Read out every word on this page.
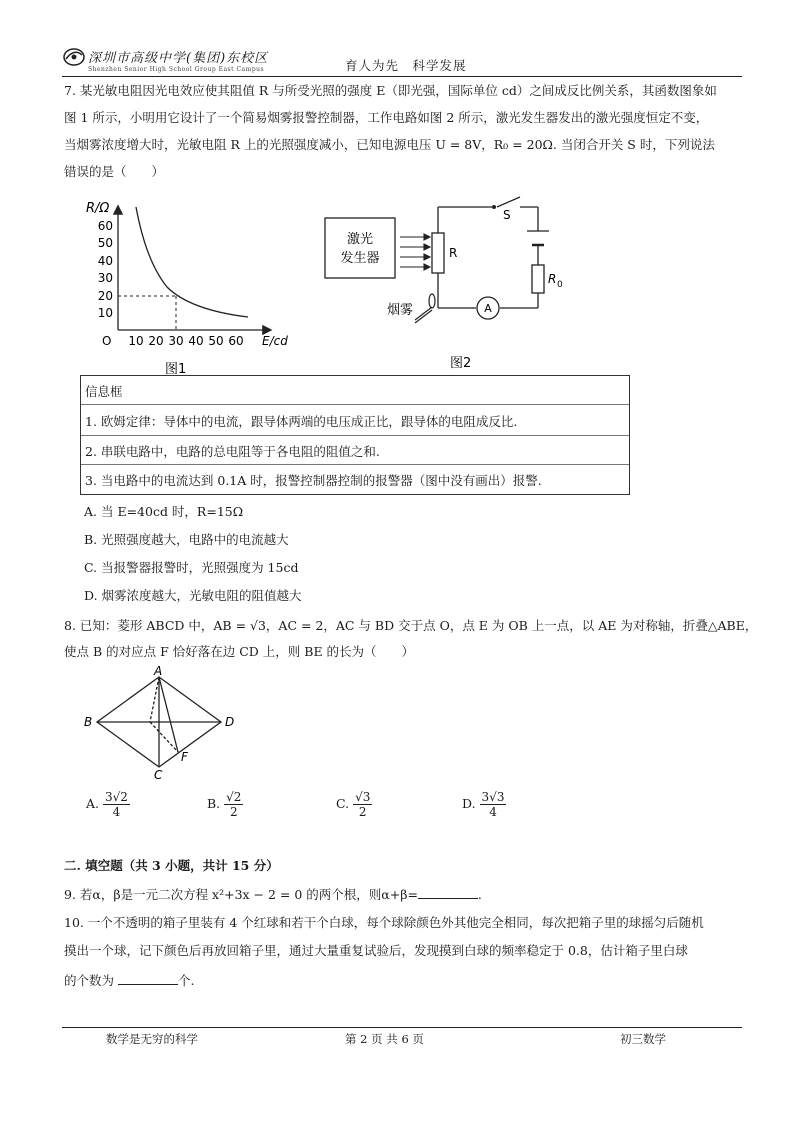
深圳市高级中学(集团)东校区
Shenzhen Senior High School Group East Campus	育人为先　科学发展
7. 某光敏电阻因光电效应使其阻值 R 与所受光照的强度 E（即光强，国际单位 cd）之间成反比例关系，其函数图象如
图 1 所示，小明用它设计了一个简易烟雾报警控制器，工作电路如图 2 所示，激光发生器发出的激光强度恒定不变，
当烟雾浓度增大时，光敏电阻 R 上的光照强度减小，已知电源电压 U = 8V，R₀ = 20Ω. 当闭合开关 S 时，下列说法
错误的是（　　）
R/Ω
60
50
40
30
20
10
O 10 20 30 40 50 60 E/cd
图1
激光
发生器	R
S
R 0
A
烟雾
图2
信息框
1. 欧姆定律：导体中的电流，跟导体两端的电压成正比，跟导体的电阻成反比.
2. 串联电路中，电路的总电阻等于各电阻的阻值之和.
3. 当电路中的电流达到 0.1A 时，报警控制器控制的报警器（图中没有画出）报警.
A. 当 E=40cd 时，R=15Ω
B. 光照强度越大，电路中的电流越大
C. 当报警器报警时，光照强度为 15cd
D. 烟雾浓度越大，光敏电阻的阻值越大
8. 已知：菱形 ABCD 中，AB = √3，AC = 2，AC 与 BD 交于点 O，点 E 为 OB 上一点，以 AE 为对称轴，折叠△ABE，
使点 B 的对应点 F 恰好落在边 CD 上，则 BE 的长为（　　）
A
B
C
D
F
A. $\frac{3√2}{4}$	B. $\frac{√2}{2}$	C. $\frac{√3}{2}$	D. $\frac{3√3}{4}$
二. 填空题（共 3 小题，共计 15 分）
9. 若α，β是一元二次方程 x²+3x − 2 = 0 的两个根，则α+β=	.
10. 一个不透明的箱子里装有 4 个红球和若干个白球，每个球除颜色外其他完全相同，每次把箱子里的球摇匀后随机
摸出一个球，记下颜色后再放回箱子里，通过大量重复试验后，发现摸到白球的频率稳定于 0.8，估计箱子里白球
的个数为	个.
数学是无穷的科学	第 2 页 共 6 页	初三数学
